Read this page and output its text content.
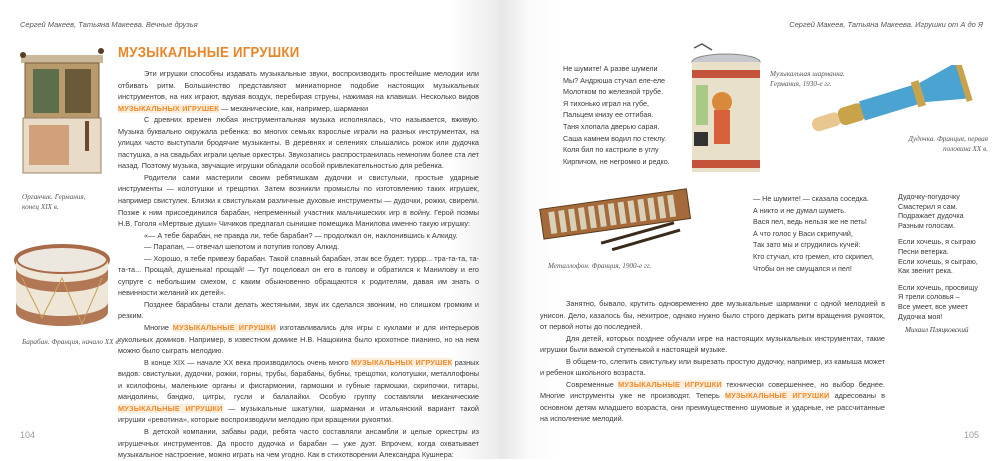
Сергей Макеев, Татьяна Макеева. Вечные друзья
МУЗЫКАЛЬНЫЕ ИГРУШКИ
Органчик. Германия, конец XIX в.
Барабан. Франция, начало XX в.

Эти игрушки способны издавать музыкальные звуки, воспроизводить простейшие мелодии или отбивать ритм. Большинство представляют миниатюрное подобие настоящих музыкальных инструментов, на них играют, вдувая воздух, перебирая струны, нажимая на клавиши. Несколько видов МУЗЫКАЛЬНЫХ ИГРУШЕК — механические, как, например, шарманки

С древних времен любая инструментальная музыка исполнялась, что называется, вживую. Музыка буквально окружала ребенка: во многих семьях взрослые играли на разных инструментах, на улицах часто выступали бродячие музыканты. В деревнях и селениях слышались рожок или дудочка пастушка, а на свадьбах играли целые оркестры. Звукозапись распространилась немногим более ста лет назад. Поэтому музыка, звучащие игрушки обладали особой привлекательностью для ребенка.

Родители сами мастерили своим ребятишкам дудочки и свистульки, простые ударные инструменты — колотушки и трещотки. Затем возникли промыслы по изготовлению таких игрушек, например свистулек. Близки к свистулькам различные духовые инструменты — дудочки, рожки, свирели. Позже к ним присоединился барабан, непременный участник мальчишеских игр в войну. Герой поэмы Н.В. Гоголя «Мертвые души» Чичиков предлагал сынишке помещика Манилова именно такую игрушку:

«— А тебе барабан, не правда ли, тебе барабан? — продолжал он, наклонившись к Алкиду.

— Парапан, — отвечал шепотом и потупив голову Алкид.

— Хорошо, я тебе привезу барабан. Такой славный барабан, этак все будет: туррр... тра-та-та, та-та-та... Прощай, душенька! прощай! — Тут поцеловал он его в голову и обратился к Манилову и его супруге с небольшим смехом, с каким обыкновенно обращаются к родителям, давая им знать о невинности желаний их детей».

Позднее барабаны стали делать жестяными, звук их сделался звонким, но слишком громким и резким.

Многие МУЗЫКАЛЬНЫЕ ИГРУШКИ изготавливались для игры с куклами и для интерьеров кукольных домиков. Например, в известном домике Н.В. Нащокина было крохотное пианино, но на нем можно было сыграть мелодию.

В конце XIX — начале XX века производилось очень много МУЗЫКАЛЬНЫХ ИГРУШЕК разных видов: свистульки, дудочки, рожки, горны, трубы, барабаны, бубны, трещотки, колотушки, металлофоны и ксилофоны, маленькие органы и фисгармонии, гармошки и губные гармошки, скрипочки, гитары, мандолины, банджо, цитры, гусли и балалайки. Особую группу составляли механические МУЗЫКАЛЬНЫЕ ИГРУШКИ — музыкальные шкатулки, шарманки и итальянский вариант такой игрушки «ревотина», которые воспроизводили мелодию при вращении рукоятки.

В детской компании, забавы ради, ребята часто составляли ансамбли и целые оркестры из игрушечных инструментов. Да просто дудочка и барабан — уже дуэт. Впрочем, когда охватывает музыкальное настроение, можно играть на чем угодно. Как в стихотворении Александра Кушнера:

104
Сергей Макеев, Татьяна Макеева. Игрушки от А до Я
Не шумите! А разве шумели
Мы? Андрюша стучал еле-еле
Молотком по железной трубе.
Я тихонько играл на губе,
Пальцем книзу ее оттибая.
Таня хлопала дверью сарая.
Саша камнем водил по стеклу.
Коля бил по кастрюле в углу
Кирпичом, не негромко и редко.
Музыкальная шарманка. Германия, 1930-е гг.
Дудочка. Франция, первая половина XX в.
Металлофон. Франция, 1900-е гг.
— Не шумите! — сказала соседка.
А никто и не думал шуметь.
Вася пел, ведь нельзя же не петь!
А что голос у Васи скрипучий,
Так зато мы и сгрудились кучей:
Кто стучал, кто гремел, кто скрипел,
Чтобы он не смущался и пел!
Дудочку-погудочку
Смастерил я сам.
Подражает дудочка
Разным голосам.
Если хочешь, я сыграю
Песни ветерка.
Если хочешь, я сыграю,
Как звенит река.
Если хочешь, просвищу
Я трели соловья –
Все умеет, все умеет
Дудочка моя!
Михаил Пляцковский

Занятно, бывало, крутить одновременно две музыкальные шарманки с одной мелодией в унисон. Дело, казалось бы, нехитрое, однако нужно было строго держать ритм вращения рукояток, от первой ноты до последней.

Для детей, которых позднее обучали игре на настоящих музыкальных инструментах, такие игрушки были важной ступенькой к настоящей музыке.

В общем-то, слепить свистульку или вырезать простую дудочку, например, из камыша может и ребенок школьного возраста.

Современные МУЗЫКАЛЬНЫЕ ИГРУШКИ технически совершеннее, но выбор беднее. Многие инструменты уже не производят. Теперь МУЗЫКАЛЬНЫЕ ИГРУШКИ адресованы в основном детям младшего возраста, они преимущественно шумовые и ударные, не рассчитанные на исполнение мелодий.

105
